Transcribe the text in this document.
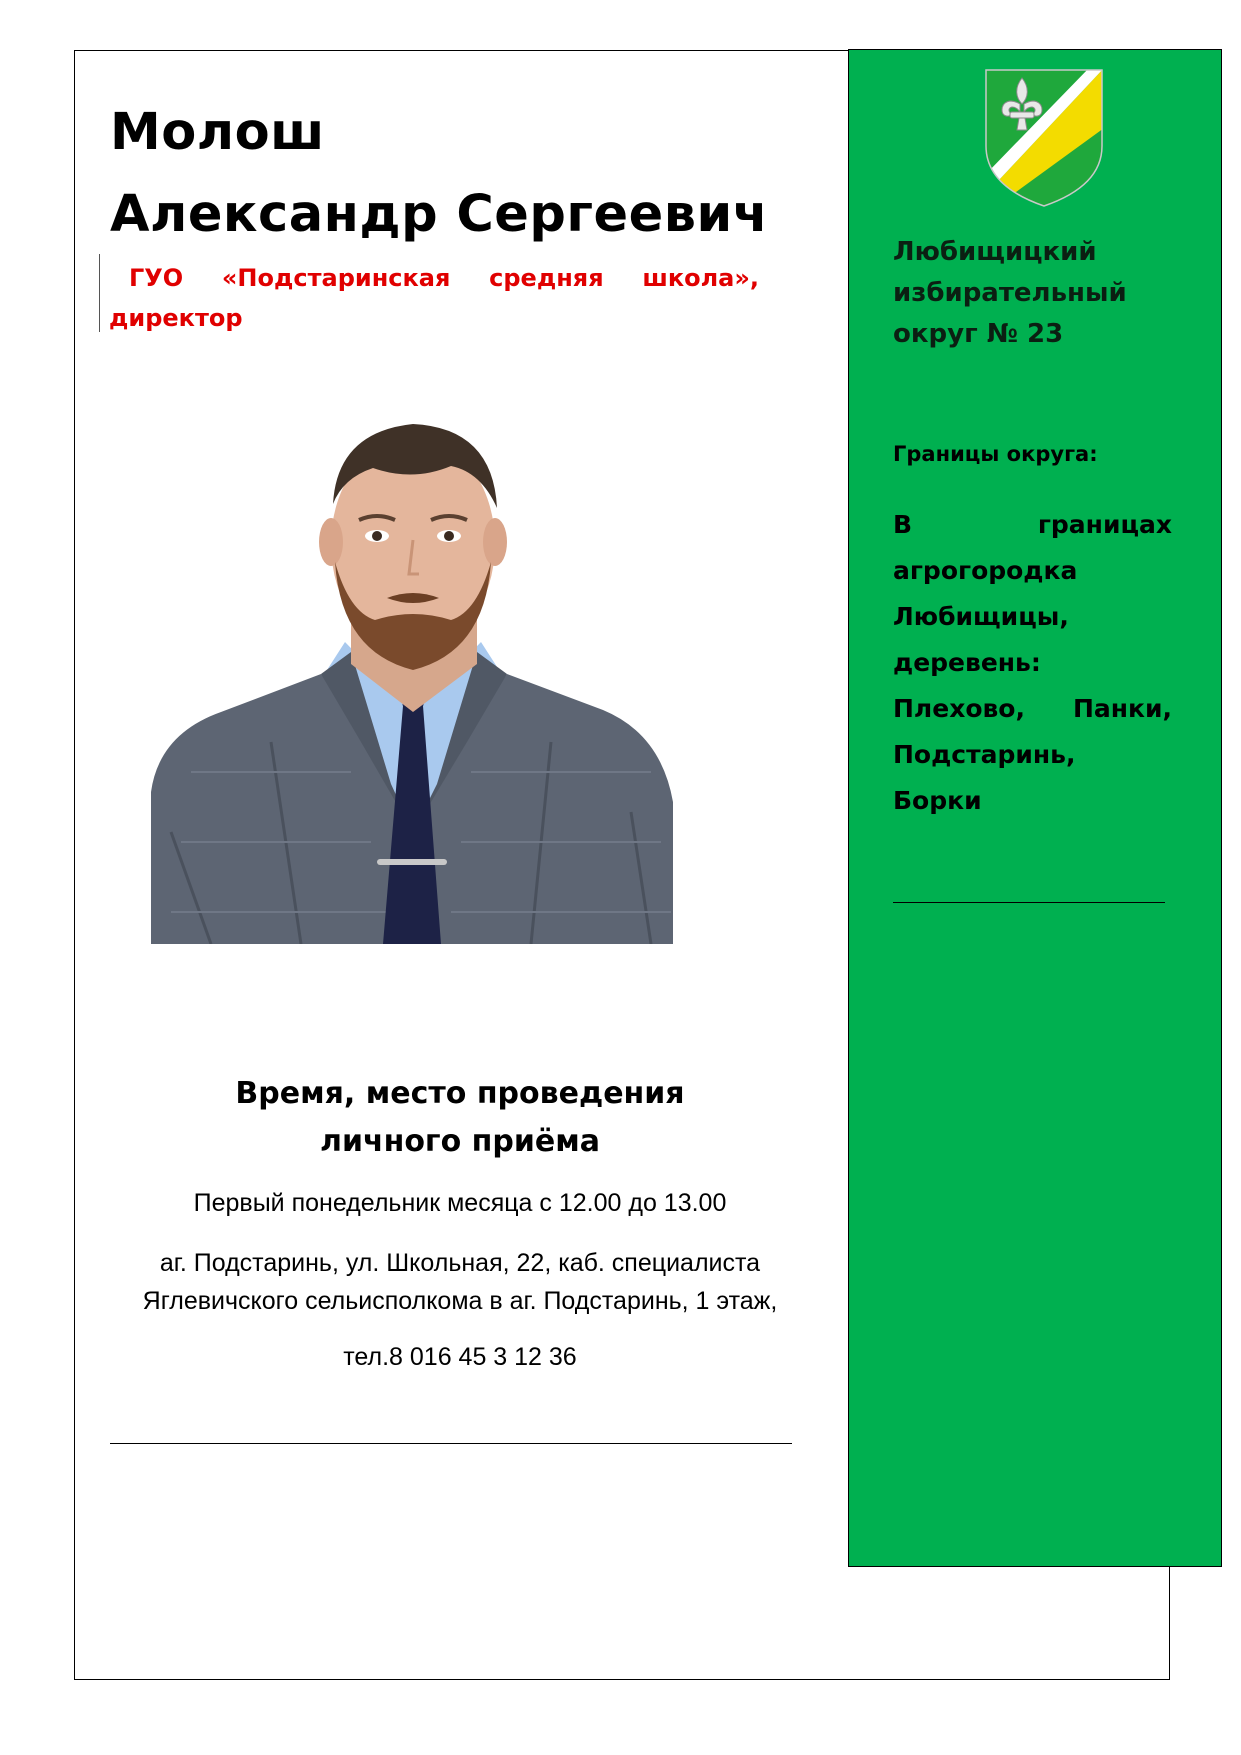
Любищицкий
избирательный
округ № 23
Границы округа:
В границах агрогородка Любищицы, деревень: Плехово, Панки, Подстаринь, Борки
Молош
Александр Сергеевич
ГУО «Подстаринская средняя школа»,
директор
Время, место проведения
личного приёма
Первый понедельник месяца с 12.00 до 13.00
аг. Подстаринь, ул. Школьная, 22, каб. специалиста
Яглевичского сельисполкома в аг. Подстаринь, 1 этаж,
тел.8 016 45 3 12 36
